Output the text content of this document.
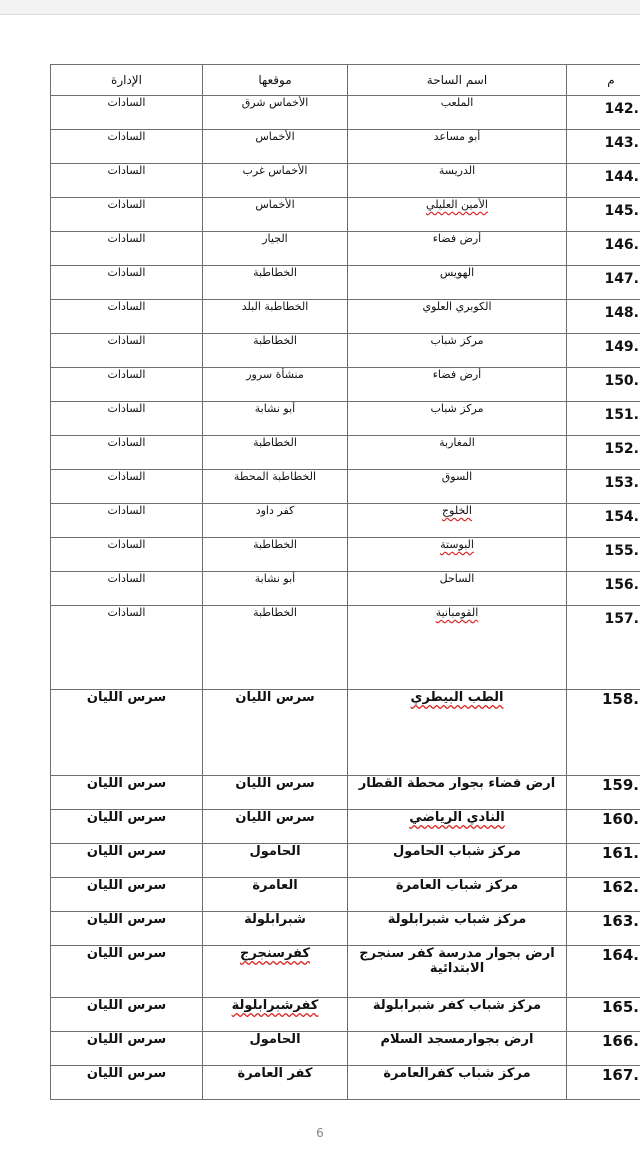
م	اسم الساحة	موقعها	الإدارة
142.	الملعب	الأخماس شرق	السادات
143.	أبو مساعد	الأخماس	السادات
144.	الدريسة	الأخماس غرب	السادات
145.	الأمين العليلي	الأخماس	السادات
146.	أرض فضاء	الجيار	السادات
147.	الهويس	الخطاطبة	السادات
148.	الكوبري العلوي	الخطاطبة البلد	السادات
149.	مركز شباب	الخطاطبة	السادات
150.	أرض فضاء	منشأة سرور	السادات
151.	مركز شباب	أبو نشابة	السادات
152.	المغاربة	الخطاطبة	السادات
153.	السوق	الخطاطبة المحطة	السادات
154.	الخلوج	كفر داود	السادات
155.	البوستة	الخطاطبة	السادات
156.	الساحل	أبو نشابة	السادات
157.	القومبانية	الخطاطبة	السادات
158.	الطب البيطري	سرس الليان	سرس الليان
159.	ارض فضاء بجوار محطة القطار	سرس الليان	سرس الليان
160.	النادي الرياضي	سرس الليان	سرس الليان
161.	مركز شباب الحامول	الحامول	سرس الليان
162.	مركز شباب العامرة	العامرة	سرس الليان
163.	مركز شباب شبرابلولة	شبرابلولة	سرس الليان
164.	ارض بجوار مدرسة كفر سنجرج الابتدائية	كفرسنجرج	سرس الليان
165.	مركز شباب كفر شبرابلولة	كفرشبرابلولة	سرس الليان
166.	ارض بجوارمسجد السلام	الحامول	سرس الليان
167.	مركز شباب كفرالعامرة	كفر العامرة	سرس الليان
6
